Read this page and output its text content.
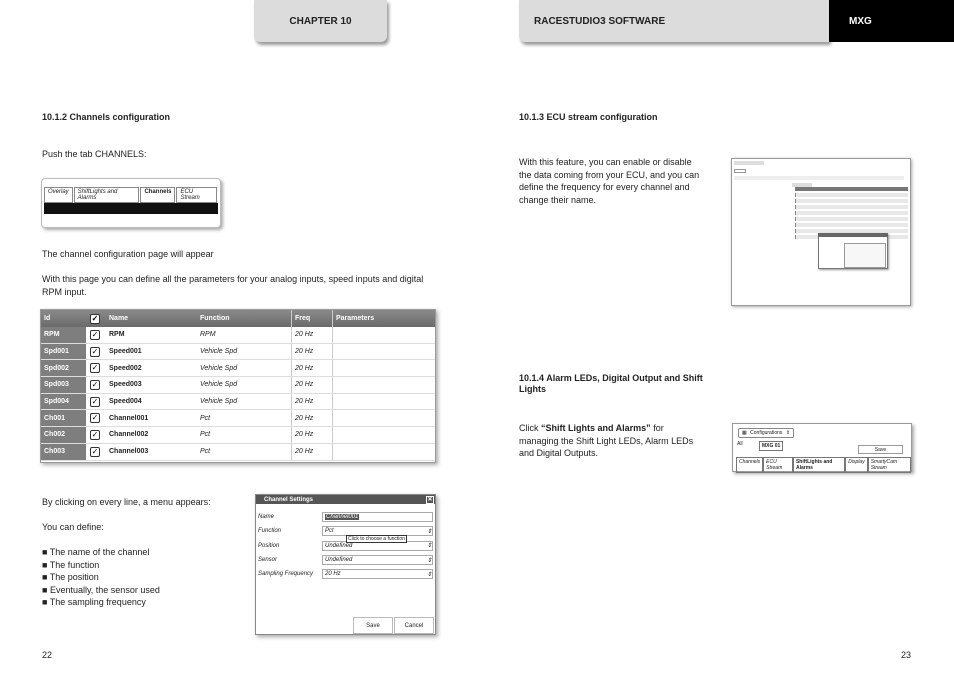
CHAPTER 10	RACESTUDIO3 SOFTWARE	MXG
10.1.2 Channels configuration
Push the tab CHANNELS:
Overlay	ShiftLights and Alarms
Channels	ECU Stream
The channel configuration page will appear
With this page you can define all the parameters for your analog inputs, speed inputs and digital RPM input.
Id	✓	Name	Function	Freq	Parameters
RPM	✓	RPM	RPM	20 Hz
Spd001	✓	Speed001	Vehicle Spd	20 Hz
Spd002	✓	Speed002	Vehicle Spd	20 Hz
Spd003	✓	Speed003	Vehicle Spd	20 Hz
Spd004	✓	Speed004	Vehicle Spd	20 Hz
Ch001	✓	Channel001	Pct	20 Hz
Ch002	✓	Channel002	Pct	20 Hz
Ch003	✓	Channel003	Pct	20 Hz
By clicking on every line, a menu appears:
You can define:
■ The name of the channel
■ The function
■ The position
■ Eventually, the sensor used
■ The sampling frequency
Channel Settings	✕
Name	Channel001
Function	Pct	⇕
Position	Undefined	⇕
Sensor	Undefined	⇕
Sampling Frequency	20 Hz	⇕
Click to choose a function
Save	Cancel
22
10.1.3 ECU stream configuration
With this feature, you can enable or disable the data coming from your ECU, and you can define the frequency for every channel and change their name.
10.1.4 Alarm LEDs, Digital Output and Shift Lights
Click “Shift Lights and Alarms” for managing the Shift Light LEDs, Alarm LEDs and Digital Outputs.
▦ Configurations ⇕
All	MXG 01
Save
Channels	ECU Stream
ShiftLights and Alarms
Display	SmartyCam Stream
23
